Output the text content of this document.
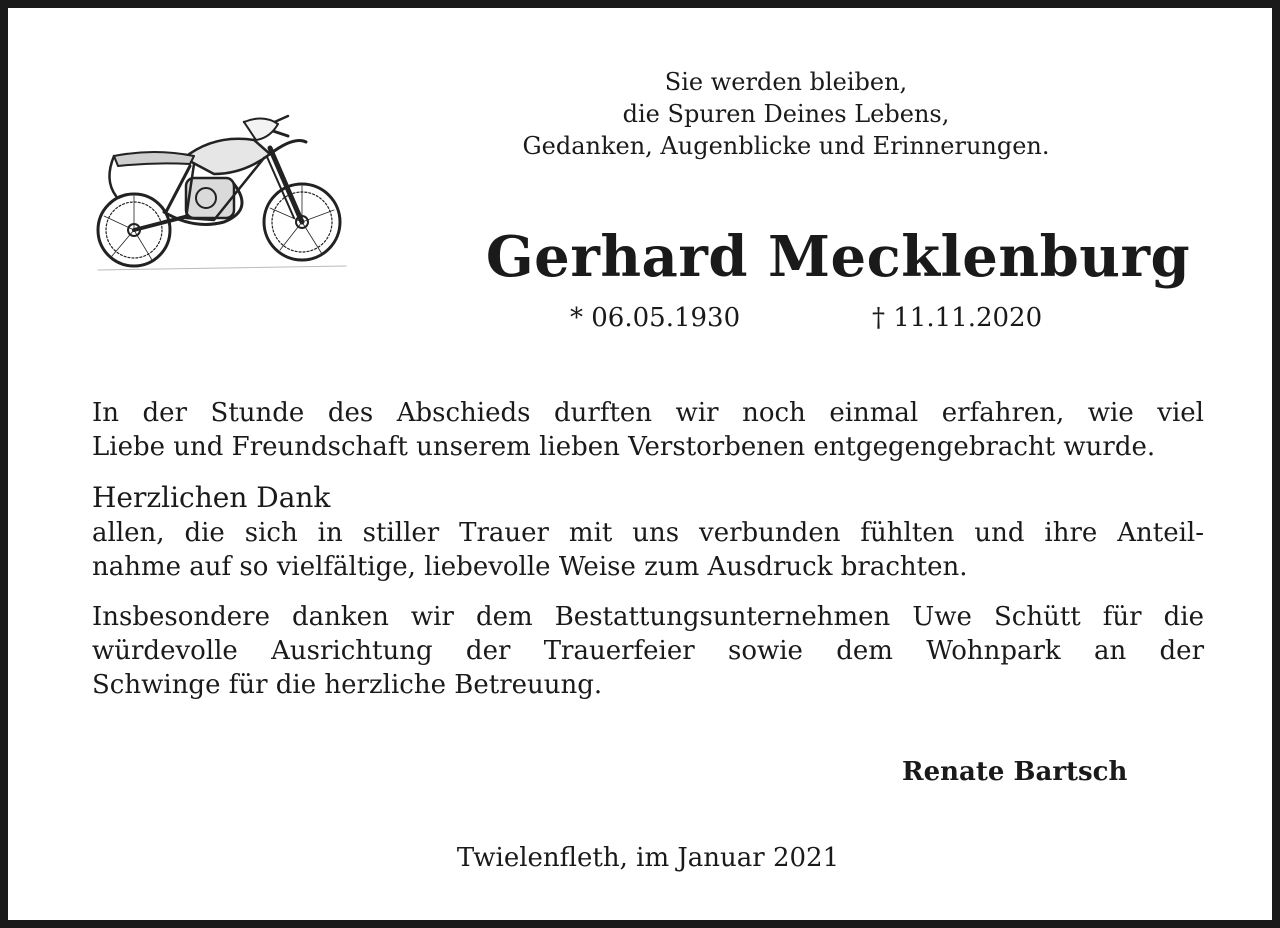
Sie werden bleiben,
die Spuren Deines Lebens,
Gedanken, Augenblicke und Erinnerungen.
Gerhard Mecklenburg
* 06.05.1930	† 11.11.2020
In der Stunde des Abschieds durften wir noch einmal erfahren, wie viel
Liebe und Freundschaft unserem lieben Verstorbenen entgegengebracht wurde.
Herzlichen Dank
allen, die sich in stiller Trauer mit uns verbunden fühlten und ihre Anteil-
nahme auf so vielfältige, liebevolle Weise zum Ausdruck brachten.
Insbesondere danken wir dem Bestattungsunternehmen Uwe Schütt für die
würdevolle Ausrichtung der Trauerfeier sowie dem Wohnpark an der
Schwinge für die herzliche Betreuung.
Renate Bartsch
Twielenfleth, im Januar 2021
